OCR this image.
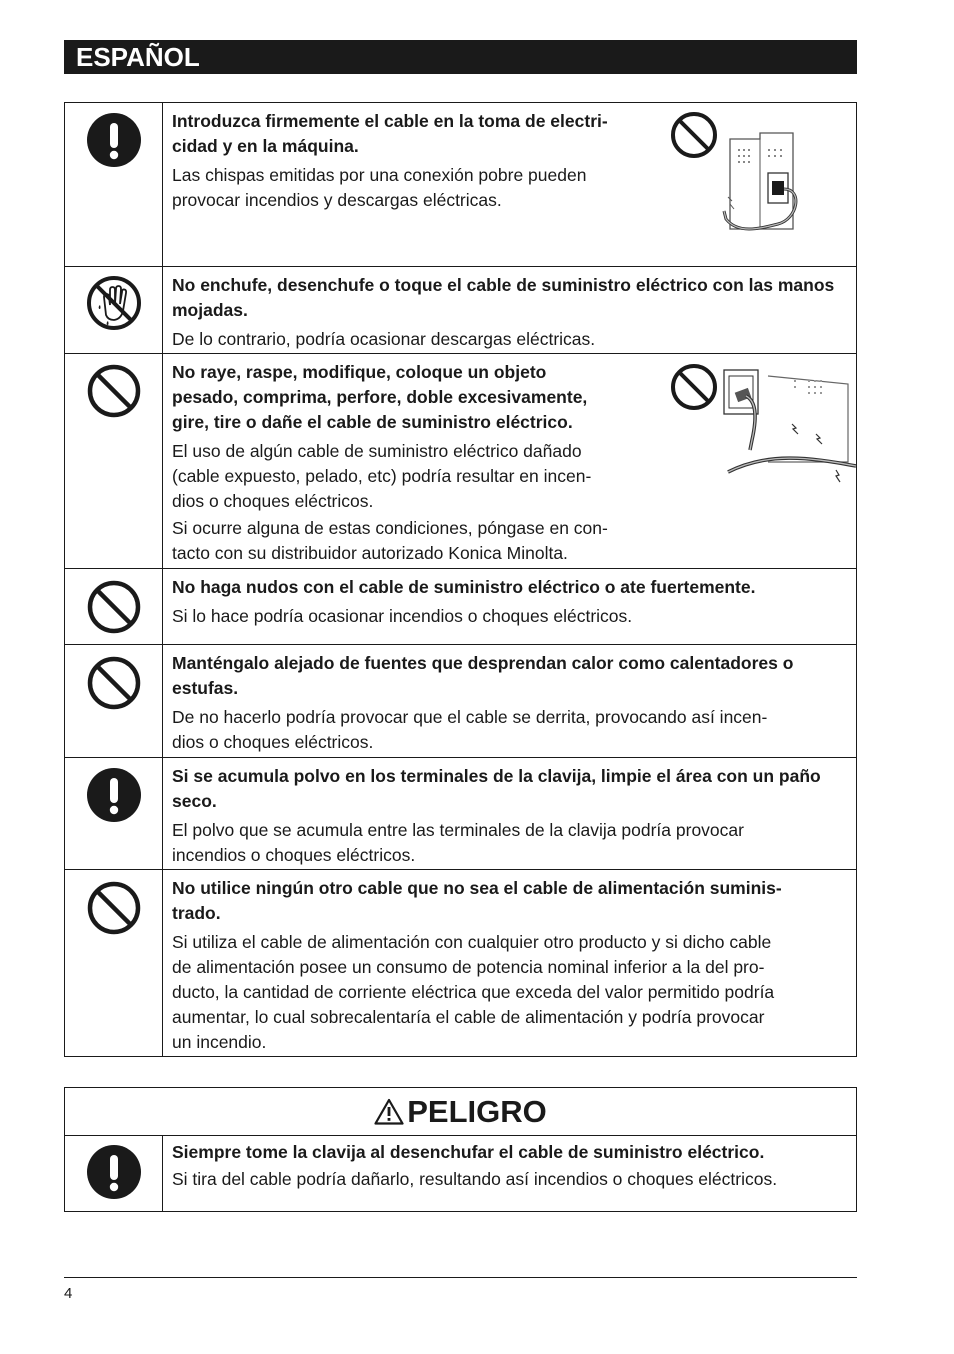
ESPAÑOL
Introduzca firmemente el cable en la toma de electri-
cidad y en la máquina.
Las chispas emitidas por una conexión pobre pueden
provocar incendios y descargas eléctricas.
No enchufe, desenchufe o toque el cable de suministro eléctrico con las manos mojadas.
De lo contrario, podría ocasionar descargas eléctricas.
No raye, raspe, modifique, coloque un objeto
pesado, comprima, perfore, doble excesivamente,
gire, tire o dañe el cable de suministro eléctrico.
El uso de algún cable de suministro eléctrico dañado
(cable expuesto, pelado, etc) podría resultar en incen-
dios o choques eléctricos.
Si ocurre alguna de estas condiciones, póngase en con-
tacto con su distribuidor autorizado Konica Minolta.
No haga nudos con el cable de suministro eléctrico o ate fuertemente.
Si lo hace podría ocasionar incendios o choques eléctricos.
Manténgalo alejado de fuentes que desprendan calor como calentadores o estufas.
De no hacerlo podría provocar que el cable se derrita, provocando así incen-
dios o choques eléctricos.
Si se acumula polvo en los terminales de la clavija, limpie el área con un paño seco.
El polvo que se acumula entre las terminales de la clavija podría provocar
incendios o choques eléctricos.
No utilice ningún otro cable que no sea el cable de alimentación suminis-
trado.
Si utiliza el cable de alimentación con cualquier otro producto y si dicho cable
de alimentación posee un consumo de potencia nominal inferior a la del pro-
ducto, la cantidad de corriente eléctrica que exceda del valor permitido podría
aumentar, lo cual sobrecalentaría el cable de alimentación y podría provocar
un incendio.
PELIGRO
Siempre tome la clavija al desenchufar el cable de suministro eléctrico.
Si tira del cable podría dañarlo, resultando así incendios o choques eléctricos.
4
